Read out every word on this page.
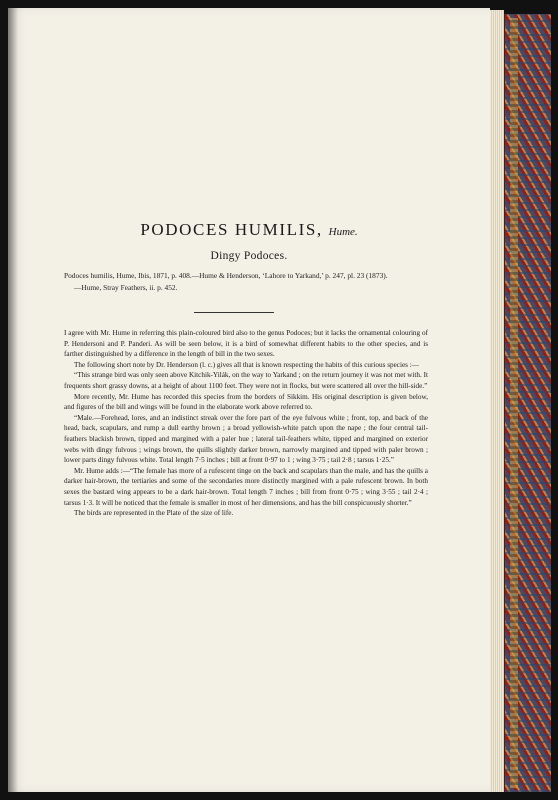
PODOCES HUMILIS, Hume.
Dingy Podoces.

Podoces humilis, Hume, Ibis, 1871, p. 408.—Hume & Henderson, ‘Lahore to Yarkand,’ p. 247, pl. 23 (1873).

—Hume, Stray Feathers, ii. p. 452.

I agree with Mr. Hume in referring this plain-coloured bird also to the genus Podoces; but it lacks the ornamental colouring of P. Hendersoni and P. Panderi. As will be seen below, it is a bird of somewhat different habits to the other species, and is farther distinguished by a difference in the length of bill in the two sexes.

The following short note by Dr. Henderson (l. c.) gives all that is known respecting the habits of this curious species :—

“This strange bird was only seen above Kitchik-Yilák, on the way to Yarkand ; on the return journey it was not met with. It frequents short grassy downs, at a height of about 1100 feet. They were not in flocks, but were scattered all over the hill-side.”

More recently, Mr. Hume has recorded this species from the borders of Sikkim. His original description is given below, and figures of the bill and wings will be found in the elaborate work above referred to.

“Male.—Forehead, lores, and an indistinct streak over the fore part of the eye fulvous white ; front, top, and back of the head, back, scapulars, and rump a dull earthy brown ; a broad yellowish-white patch upon the nape ; the four central tail-feathers blackish brown, tipped and margined with a paler hue ; lateral tail-feathers white, tipped and margined on exterior webs with dingy fulvous ; wings brown, the quills slightly darker brown, narrowly margined and tipped with paler brown ; lower parts dingy fulvous white. Total length 7·5 inches ; bill at front 0·97 to 1 ; wing 3·75 ; tail 2·8 ; tarsus 1·25.”

Mr. Hume adds :—“The female has more of a rufescent tinge on the back and scapulars than the male, and has the quills a darker hair-brown, the tertiaries and some of the secondaries more distinctly margined with a pale rufescent brown. In both sexes the bastard wing appears to be a dark hair-brown. Total length 7 inches ; bill from front 0·75 ; wing 3·55 ; tail 2·4 ; tarsus 1·3. It will be noticed that the female is smaller in most of her dimensions, and has the bill conspicuously shorter.”

The birds are represented in the Plate of the size of life.
